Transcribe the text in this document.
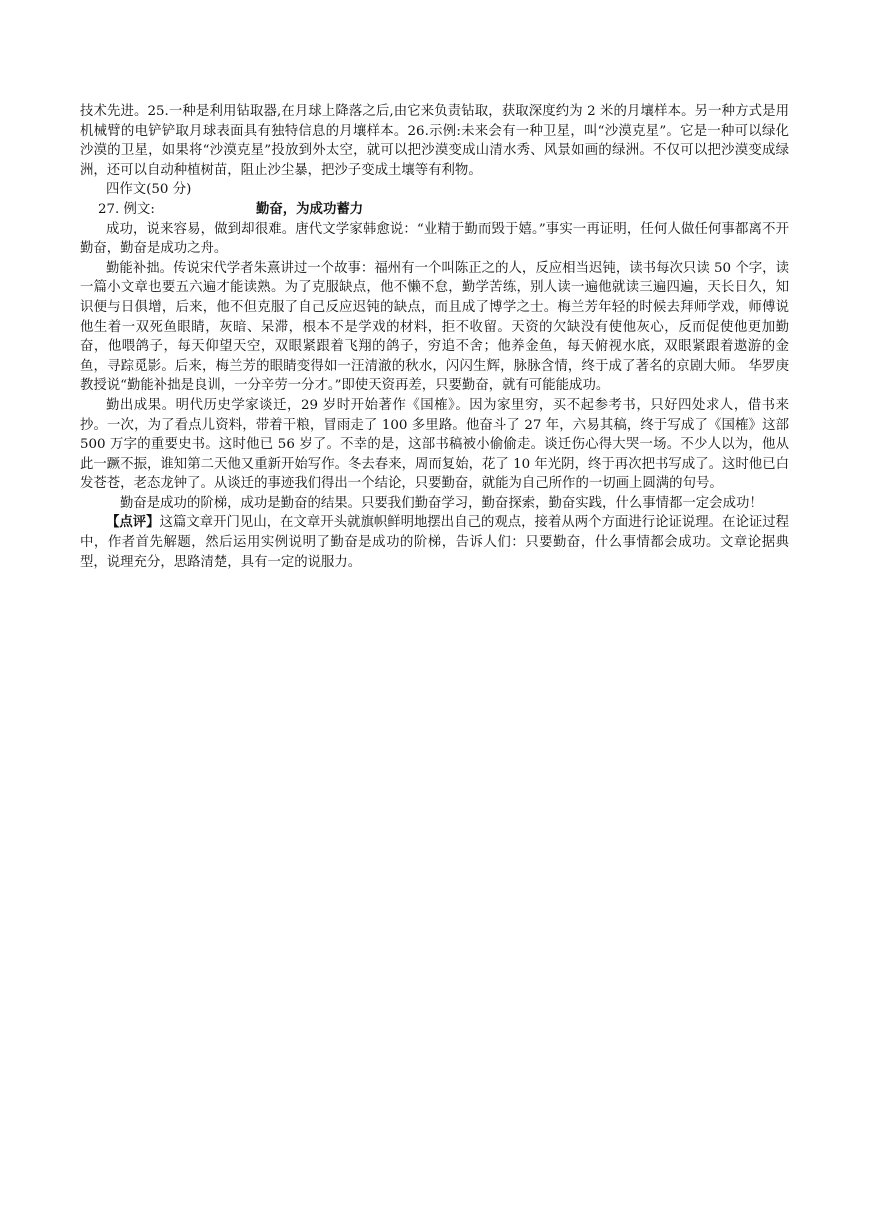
技术先进。25.一种是利用钻取器,在月球上降落之后,由它来负责钻取，获取深度约为 2 米的月壤样本。另一种方式是用机械臂的电铲铲取月球表面具有独特信息的月壤样本。26.示例:未来会有一种卫星，叫“沙漠克星”。它是一种可以绿化沙漠的卫星，如果将“沙漠克星”投放到外太空，就可以把沙漠变成山清水秀、风景如画的绿洲。不仅可以把沙漠变成绿洲，还可以自动种植树苗，阻止沙尘暴，把沙子变成土壤等有利物。

四作文(50 分)

27. 例文:	勤奋，为成功蓄力

成功，说来容易，做到却很难。唐代文学家韩愈说：“业精于勤而毁于嬉。”事实一再证明，任何人做任何事都离不开勤奋，勤奋是成功之舟。

勤能补拙。传说宋代学者朱熹讲过一个故事：福州有一个叫陈正之的人，反应相当迟钝，读书每次只读 50 个字，读一篇小文章也要五六遍才能读熟。为了克服缺点，他不懒不怠，勤学苦练，别人读一遍他就读三遍四遍，天长日久，知识便与日俱增，后来，他不但克服了自己反应迟钝的缺点，而且成了博学之士。梅兰芳年轻的时候去拜师学戏，师傅说他生着一双死鱼眼睛，灰暗、呆滞，根本不是学戏的材料，拒不收留。天资的欠缺没有使他灰心，反而促使他更加勤奋，他喂鸽子，每天仰望天空，双眼紧跟着飞翔的鸽子，穷追不舍；他养金鱼，每天俯视水底，双眼紧跟着遨游的金鱼，寻踪觅影。后来，梅兰芳的眼睛变得如一汪清澈的秋水，闪闪生辉，脉脉含情，终于成了著名的京剧大师。 华罗庚教授说“勤能补拙是良训，一分辛劳一分才。”即使天资再差，只要勤奋，就有可能能成功。

勤出成果。明代历史学家谈迁，29 岁时开始著作《国榷》。因为家里穷，买不起参考书，只好四处求人，借书来抄。一次，为了看点儿资料，带着干粮，冒雨走了 100 多里路。他奋斗了 27 年，六易其稿，终于写成了《国榷》这部 500 万字的重要史书。这时他已 56 岁了。不幸的是，这部书稿被小偷偷走。谈迁伤心得大哭一场。不少人以为，他从此一蹶不振，谁知第二天他又重新开始写作。冬去春来，周而复始，花了 10 年光阴，终于再次把书写成了。这时他已白发苍苍，老态龙钟了。从谈迁的事迹我们得出一个结论，只要勤奋，就能为自己所作的一切画上圆满的句号。

勤奋是成功的阶梯，成功是勤奋的结果。只要我们勤奋学习，勤奋探索，勤奋实践，什么事情都一定会成功！

【点评】这篇文章开门见山，在文章开头就旗帜鲜明地摆出自己的观点，接着从两个方面进行论证说理。在论证过程中，作者首先解题，然后运用实例说明了勤奋是成功的阶梯，告诉人们：只要勤奋，什么事情都会成功。文章论据典型，说理充分，思路清楚，具有一定的说服力。
